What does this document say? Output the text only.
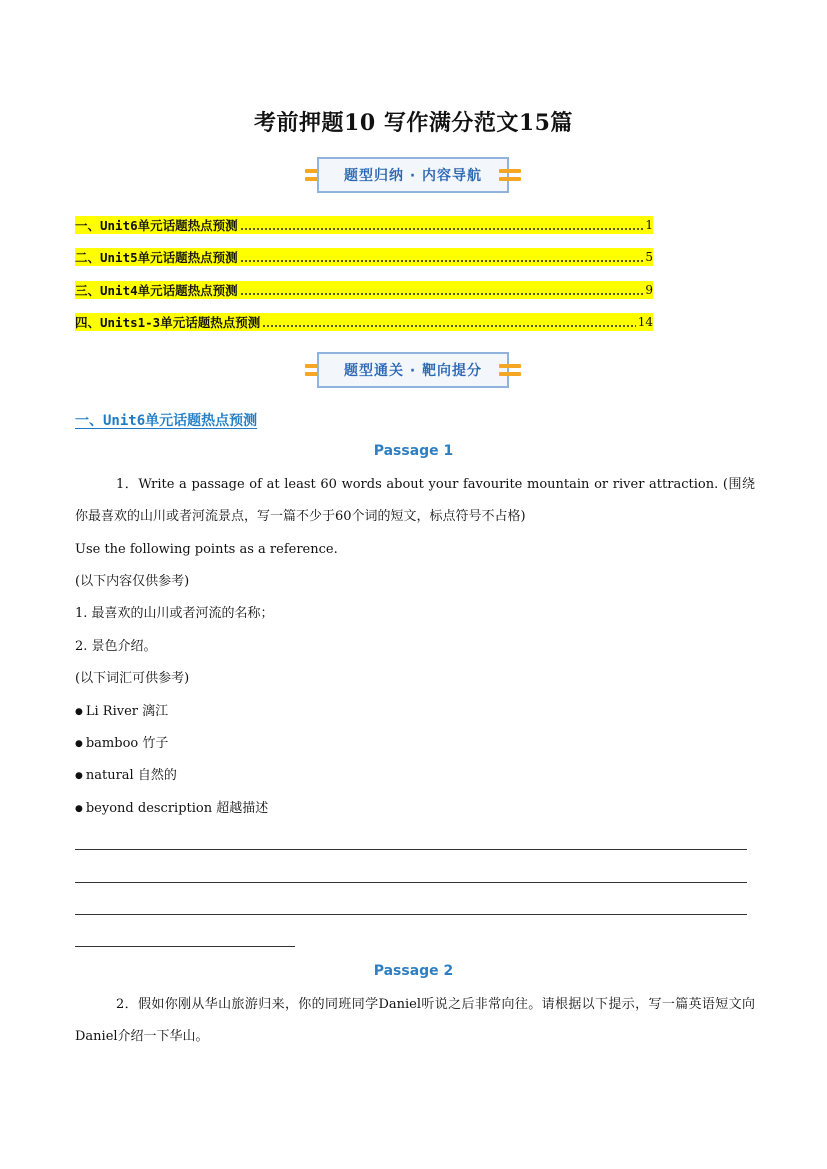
考前押题10 写作满分范文15篇
题型归纳 · 内容导航
一、Unit6单元话题热点预测	1
二、Unit5单元话题热点预测	5
三、Unit4单元话题热点预测	9
四、Units1-3单元话题热点预测	14
题型通关 · 靶向提分
一、Unit6单元话题热点预测
Passage 1
1．Write a passage of at least 60 words about your favourite mountain or river attraction. (围绕你最喜欢的山川或者河流景点，写一篇不少于60个词的短文，标点符号不占格)
Use the following points as a reference.
(以下内容仅供参考)
1. 最喜欢的山川或者河流的名称；
2. 景色介绍。
(以下词汇可供参考)
● Li River 漓江
● bamboo 竹子
● natural 自然的
● beyond description 超越描述
Passage 2
2．假如你刚从华山旅游归来，你的同班同学Daniel听说之后非常向往。请根据以下提示，写一篇英语短文向Daniel介绍一下华山。
